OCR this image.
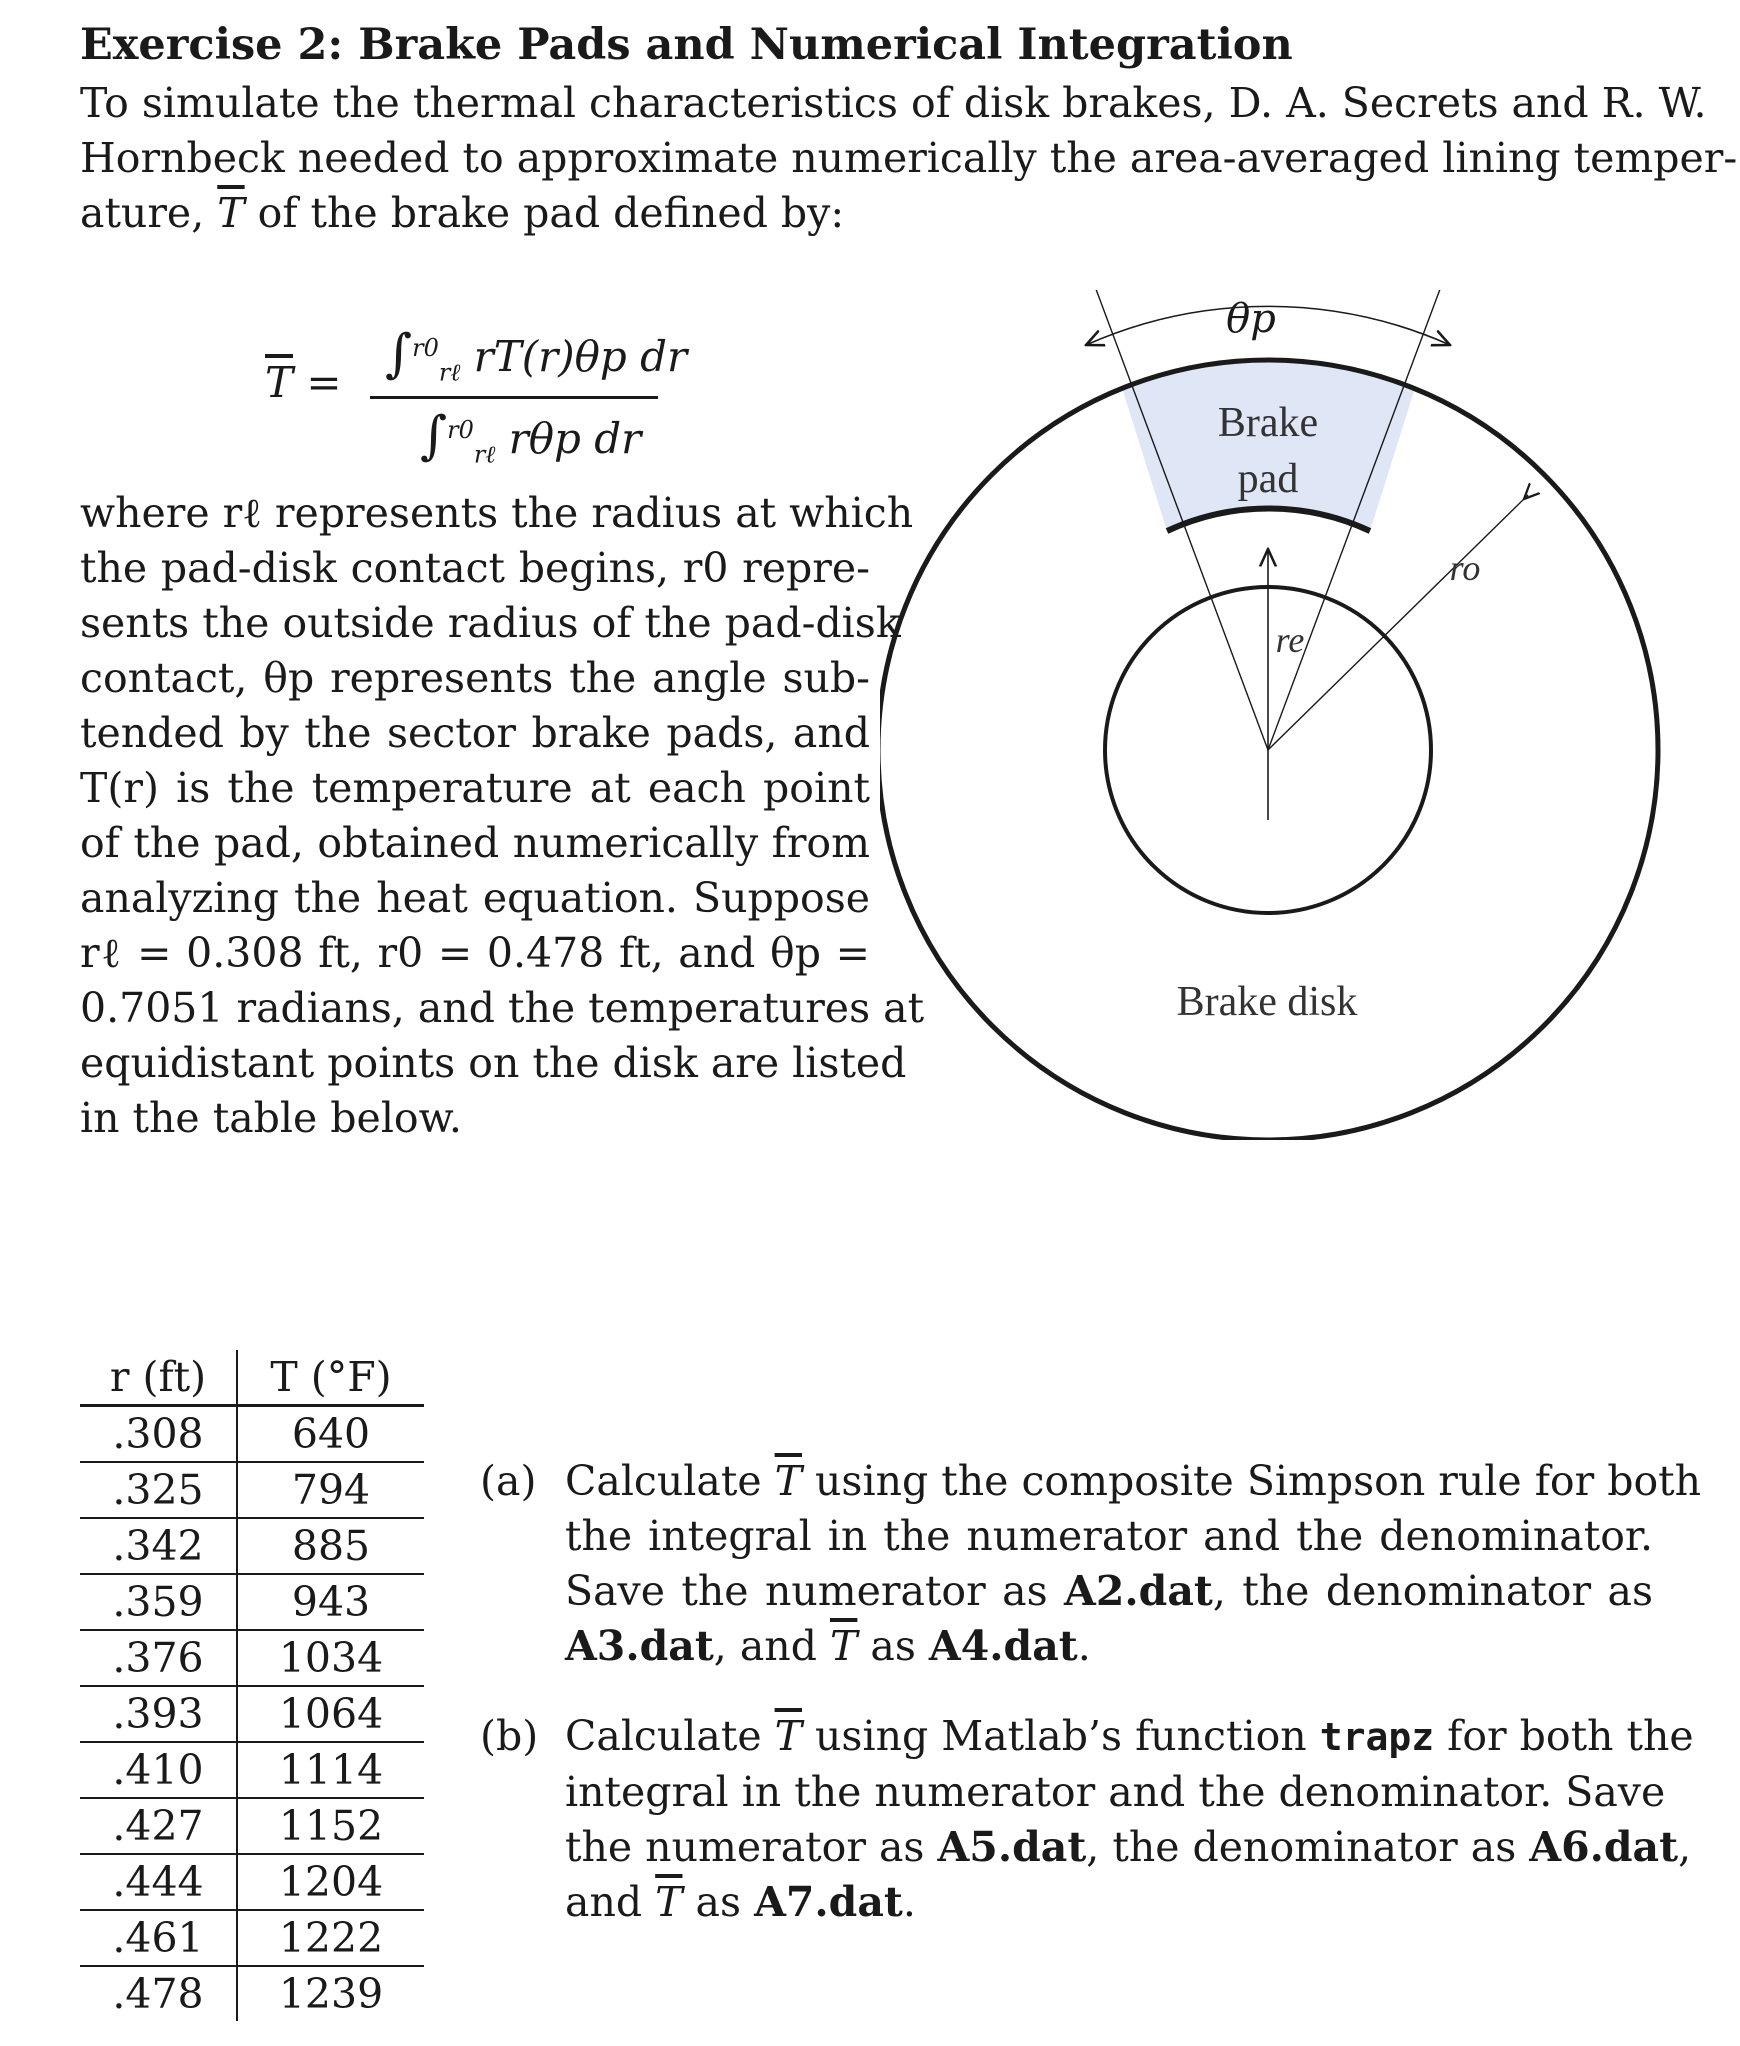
Exercise 2: Brake Pads and Numerical Integration
To simulate the thermal characteristics of disk brakes, D. A. Secrets and R. W.
Hornbeck needed to approximate numerically the area-averaged lining temper-
ature, $\overline{T}$ of the brake pad defined by:
$\overline{T} = \int^{r0}_{r\ell}$ rT(r)θp dr
∫$^{r0}_{r\ell}$ rθp dr
where rℓ represents the radius at which
the pad-disk contact begins, r0 repre-
sents the outside radius of the pad-disk
contact, θp represents the angle sub-
tended by the sector brake pads, and
T(r) is the temperature at each point
of the pad, obtained numerically from
analyzing the heat equation. Suppose
rℓ = 0.308 ft, r0 = 0.478 ft, and θp =
0.7051 radians, and the temperatures at
equidistant points on the disk are listed
in the table below.
θp
Brake
pad
re
ro
Brake disk
r (ft)	T (°F)
.308	640
.325	794
.342	885
.359	943
.376	1034
.393	1064
.410	1114
.427	1152
.444	1204
.461	1222
.478	1239
(a) Calculate $\overline{T}$ using the composite Simpson rule for both
the integral in the numerator and the denominator.
Save the numerator as A2.dat, the denominator as
A3.dat, and $\overline{T}$ as A4.dat.
(b) Calculate $\overline{T}$ using Matlab’s function trapz for both the
integral in the numerator and the denominator. Save
the numerator as A5.dat, the denominator as A6.dat,
and $\overline{T}$ as A7.dat.
